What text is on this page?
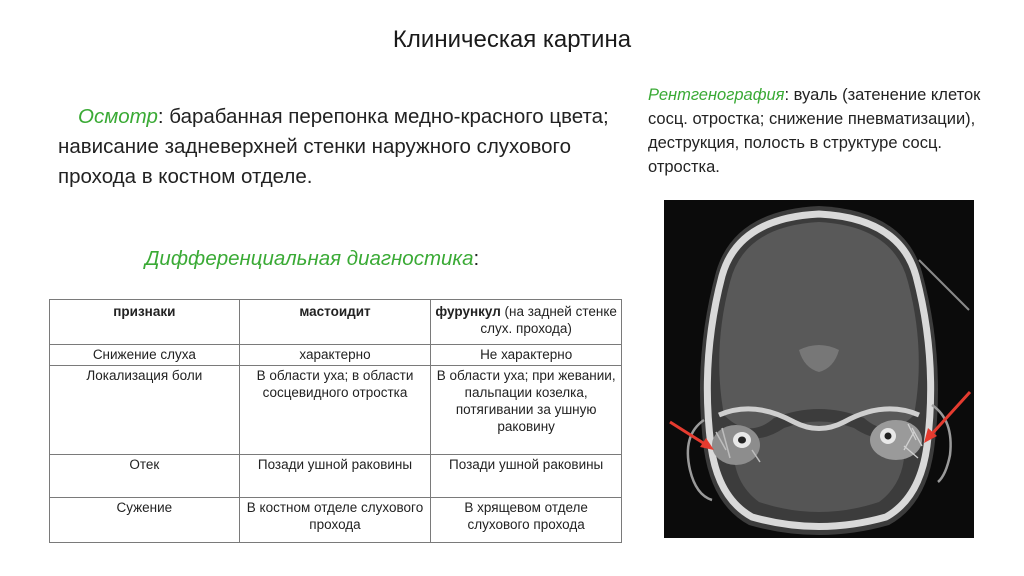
Клиническая картина
Осмотр: барабанная перепонка медно-красного цвета; нависание задневерхней стенки наружного слухового прохода в костном отделе.
Рентгенография: вуаль (затенение клеток сосц. отростка; снижение пневматизации), деструкция, полость в структуре сосц. отростка.
Дифференциальная диагностика:
признаки	мастоидит	фурункул (на задней стенке слух. прохода)
Снижение слуха	характерно	Не характерно
Локализация боли	В области уха; в области сосцевидного отростка	В области уха; при жевании, пальпации козелка, потягивании за ушную раковину
Отек	Позади ушной раковины	Позади ушной раковины
Сужение	В костном отделе слухового прохода	В хрящевом отделе слухового прохода
